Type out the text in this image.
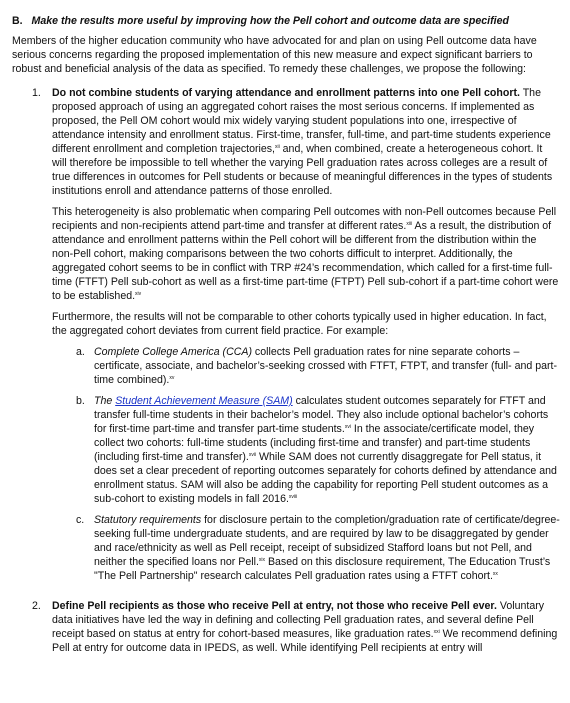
B. Make the results more useful by improving how the Pell cohort and outcome data are specified

Members of the higher education community who have advocated for and plan on using Pell outcome data have serious concerns regarding the proposed implementation of this new measure and expect significant barriers to robust and beneficial analysis of the data as specified. To remedy these challenges, we propose the following:

1.	Do not combine students of varying attendance and enrollment patterns into one Pell cohort. The proposed approach of using an aggregated cohort raises the most serious concerns. If implemented as proposed, the Pell OM cohort would mix widely varying student populations into one, irrespective of attendance intensity and enrollment status. First-time, transfer, full-time, and part-time students experience different enrollment and completion trajectories,$^{xii}$ and, when combined, create a heterogeneous cohort. It will therefore be impossible to tell whether the varying Pell graduation rates across colleges are a result of true differences in outcomes for Pell students or because of meaningful differences in the types of students institutions enroll and attendance patterns of those enrolled.

This heterogeneity is also problematic when comparing Pell outcomes with non-Pell outcomes because Pell recipients and non-recipients attend part-time and transfer at different rates.$^{xiii}$ As a result, the distribution of attendance and enrollment patterns within the Pell cohort will be different from the distribution within the non-Pell cohort, making comparisons between the two cohorts difficult to interpret. Additionally, the aggregated cohort seems to be in conflict with TRP #24’s recommendation, which called for a first-time full-time (FTFT) Pell sub-cohort as well as a first-time part-time (FTPT) Pell sub-cohort if a part-time cohort were to be established.$^{xiv}$

Furthermore, the results will not be comparable to other cohorts typically used in higher education. In fact, the aggregated cohort deviates from current field practice. For example:

a. Complete College America (CCA) collects Pell graduation rates for nine separate cohorts – certificate, associate, and bachelor’s-seeking crossed with FTFT, FTPT, and transfer (full- and part-time combined).$^{xv}$
b. The Student Achievement Measure (SAM) calculates student outcomes separately for FTFT and transfer full-time students in their bachelor’s model. They also include optional bachelor’s cohorts for first-time part-time and transfer part-time students.$^{xvi}$ In the associate/certificate model, they collect two cohorts: full-time students (including first-time and transfer) and part-time students (including first-time and transfer).$^{xvii}$ While SAM does not currently disaggregate for Pell status, it does set a clear precedent of reporting outcomes separately for cohorts defined by attendance and enrollment status. SAM will also be adding the capability for reporting Pell student outcomes as a sub-cohort to existing models in fall 2016.$^{xviii}$
c. Statutory requirements for disclosure pertain to the completion/graduation rate of certificate/degree-seeking full-time undergraduate students, and are required by law to be disaggregated by gender and race/ethnicity as well as Pell receipt, receipt of subsidized Stafford loans but not Pell, and neither the specified loans nor Pell.$^{xix}$ Based on this disclosure requirement, The Education Trust’s "The Pell Partnership" research calculates Pell graduation rates using a FTFT cohort.$^{xx}$
2.	Define Pell recipients as those who receive Pell at entry, not those who receive Pell ever. Voluntary data initiatives have led the way in defining and collecting Pell graduation rates, and several define Pell receipt based on status at entry for cohort-based measures, like graduation rates.$^{xxi}$ We recommend defining Pell at entry for outcome data in IPEDS, as well. While identifying Pell recipients at entry will
